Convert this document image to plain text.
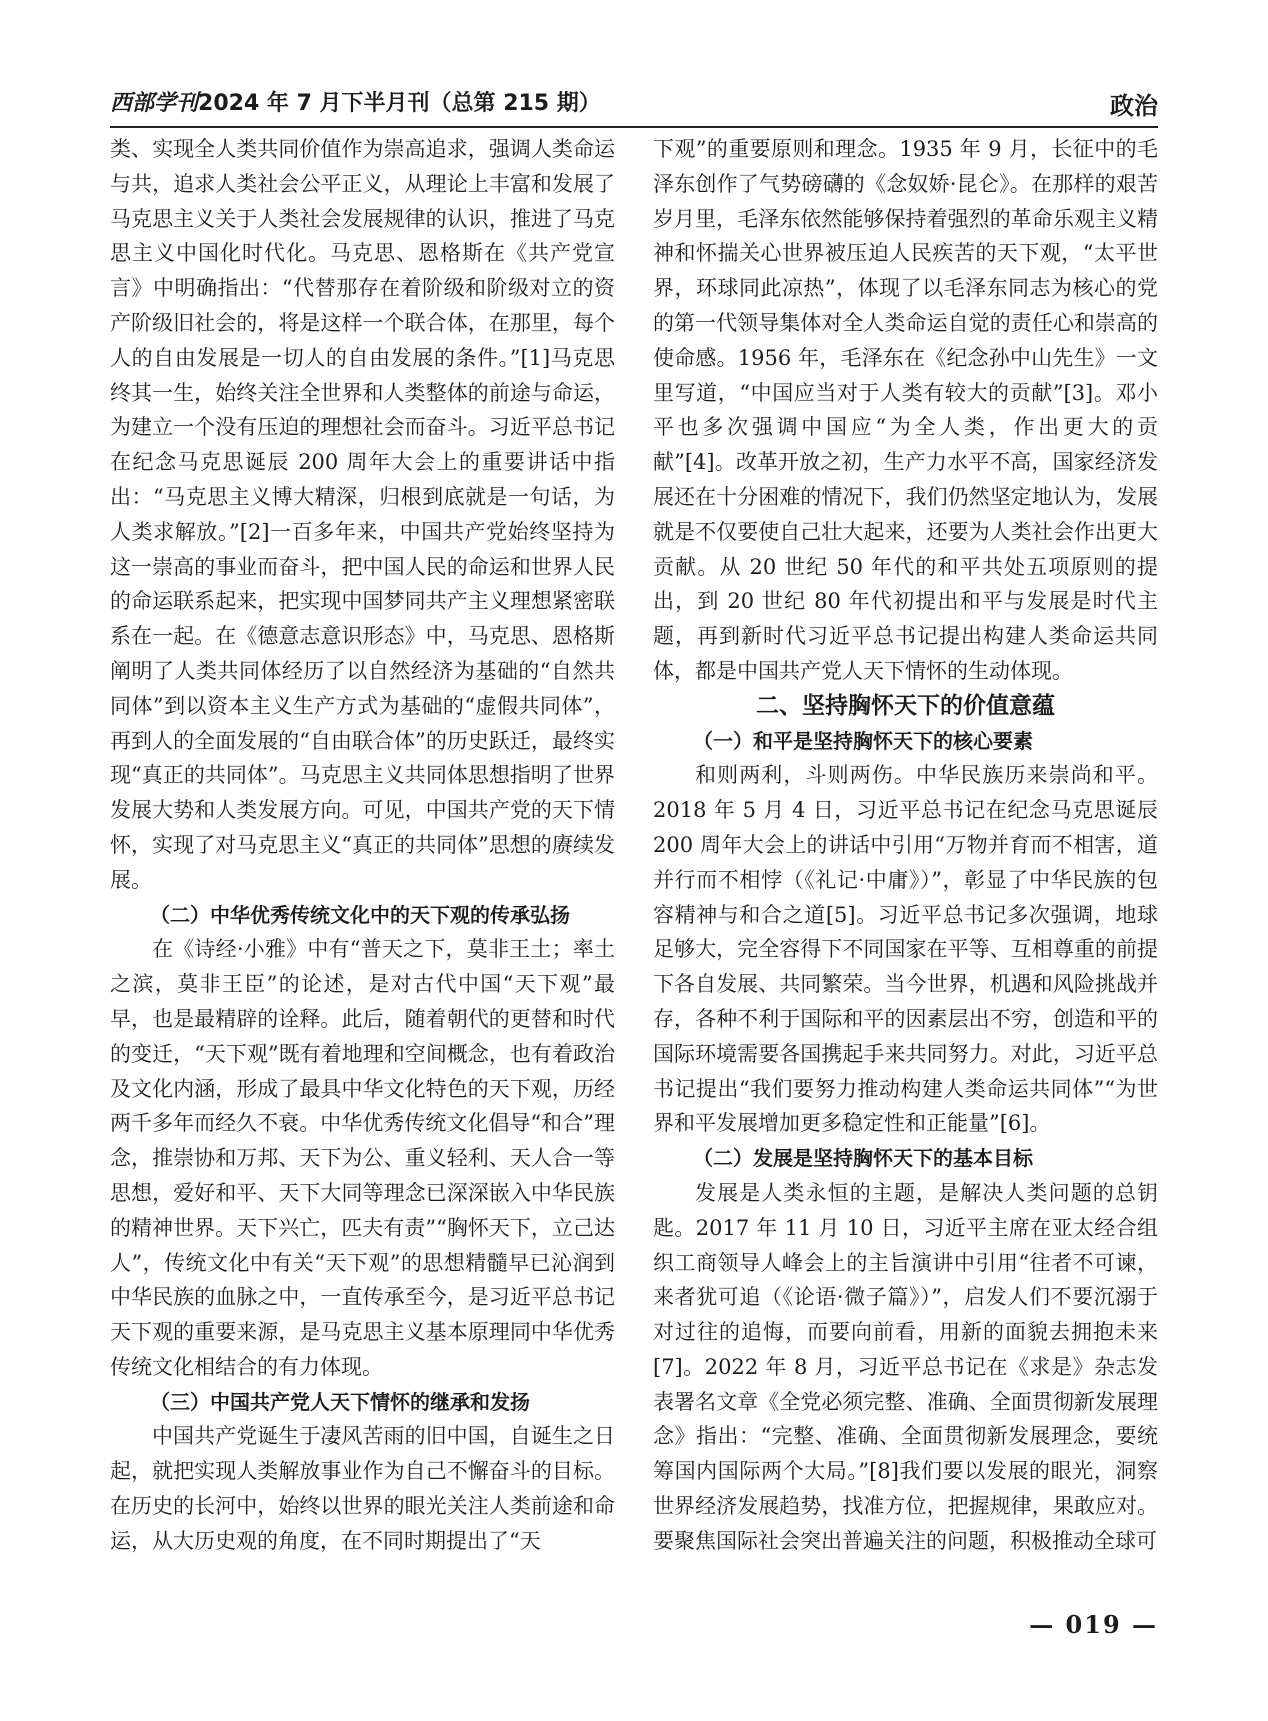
西部学刊2024 年 7 月下半月刊（总第 215 期）	政治

类、实现全人类共同价值作为崇高追求，强调人类命运与共，追求人类社会公平正义，从理论上丰富和发展了马克思主义关于人类社会发展规律的认识，推进了马克思主义中国化时代化。马克思、恩格斯在《共产党宣言》中明确指出：“代替那存在着阶级和阶级对立的资产阶级旧社会的，将是这样一个联合体，在那里，每个人的自由发展是一切人的自由发展的条件。”[1]马克思终其一生，始终关注全世界和人类整体的前途与命运，为建立一个没有压迫的理想社会而奋斗。习近平总书记在纪念马克思诞辰 200 周年大会上的重要讲话中指出：“马克思主义博大精深，归根到底就是一句话，为人类求解放。”[2]一百多年来，中国共产党始终坚持为这一崇高的事业而奋斗，把中国人民的命运和世界人民的命运联系起来，把实现中国梦同共产主义理想紧密联系在一起。在《德意志意识形态》中，马克思、恩格斯阐明了人类共同体经历了以自然经济为基础的“自然共同体”到以资本主义生产方式为基础的“虚假共同体”，再到人的全面发展的“自由联合体”的历史跃迁，最终实现“真正的共同体”。马克思主义共同体思想指明了世界发展大势和人类发展方向。可见，中国共产党的天下情怀，实现了对马克思主义“真正的共同体”思想的赓续发展。

（二）中华优秀传统文化中的天下观的传承弘扬

在《诗经·小雅》中有“普天之下，莫非王土；率土之滨，莫非王臣”的论述，是对古代中国“天下观”最早，也是最精辟的诠释。此后，随着朝代的更替和时代的变迁，“天下观”既有着地理和空间概念，也有着政治及文化内涵，形成了最具中华文化特色的天下观，历经两千多年而经久不衰。中华优秀传统文化倡导“和合”理念，推崇协和万邦、天下为公、重义轻利、天人合一等思想，爱好和平、天下大同等理念已深深嵌入中华民族的精神世界。天下兴亡，匹夫有责”“胸怀天下，立己达人”，传统文化中有关“天下观”的思想精髓早已沁润到中华民族的血脉之中，一直传承至今，是习近平总书记天下观的重要来源，是马克思主义基本原理同中华优秀传统文化相结合的有力体现。

（三）中国共产党人天下情怀的继承和发扬

中国共产党诞生于凄风苦雨的旧中国，自诞生之日起，就把实现人类解放事业作为自己不懈奋斗的目标。在历史的长河中，始终以世界的眼光关注人类前途和命运，从大历史观的角度，在不同时期提出了“天

下观”的重要原则和理念。1935 年 9 月，长征中的毛泽东创作了气势磅礴的《念奴娇·昆仑》。在那样的艰苦岁月里，毛泽东依然能够保持着强烈的革命乐观主义精神和怀揣关心世界被压迫人民疾苦的天下观，“太平世界，环球同此凉热”，体现了以毛泽东同志为核心的党的第一代领导集体对全人类命运自觉的责任心和崇高的使命感。1956 年，毛泽东在《纪念孙中山先生》一文里写道，“中国应当对于人类有较大的贡献”[3]。邓小平也多次强调中国应“为全人类，作出更大的贡献”[4]。改革开放之初，生产力水平不高，国家经济发展还在十分困难的情况下，我们仍然坚定地认为，发展就是不仅要使自己壮大起来，还要为人类社会作出更大贡献。从 20 世纪 50 年代的和平共处五项原则的提出，到 20 世纪 80 年代初提出和平与发展是时代主题，再到新时代习近平总书记提出构建人类命运共同体，都是中国共产党人天下情怀的生动体现。

二、坚持胸怀天下的价值意蕴
（一）和平是坚持胸怀天下的核心要素

和则两利，斗则两伤。中华民族历来崇尚和平。2018 年 5 月 4 日，习近平总书记在纪念马克思诞辰 200 周年大会上的讲话中引用“万物并育而不相害，道并行而不相悖（《礼记·中庸》）”，彰显了中华民族的包容精神与和合之道[5]。习近平总书记多次强调，地球足够大，完全容得下不同国家在平等、互相尊重的前提下各自发展、共同繁荣。当今世界，机遇和风险挑战并存，各种不利于国际和平的因素层出不穷，创造和平的国际环境需要各国携起手来共同努力。对此，习近平总书记提出“我们要努力推动构建人类命运共同体”“为世界和平发展增加更多稳定性和正能量”[6]。

（二）发展是坚持胸怀天下的基本目标

发展是人类永恒的主题，是解决人类问题的总钥匙。2017 年 11 月 10 日，习近平主席在亚太经合组织工商领导人峰会上的主旨演讲中引用“往者不可谏，来者犹可追（《论语·微子篇》）”，启发人们不要沉溺于对过往的追悔，而要向前看，用新的面貌去拥抱未来[7]。2022 年 8 月，习近平总书记在《求是》杂志发表署名文章《全党必须完整、准确、全面贯彻新发展理念》指出：“完整、准确、全面贯彻新发展理念，要统筹国内国际两个大局。”[8]我们要以发展的眼光，洞察世界经济发展趋势，找准方位，把握规律，果敢应对。要聚焦国际社会突出普遍关注的问题，积极推动全球可

— 019 —
